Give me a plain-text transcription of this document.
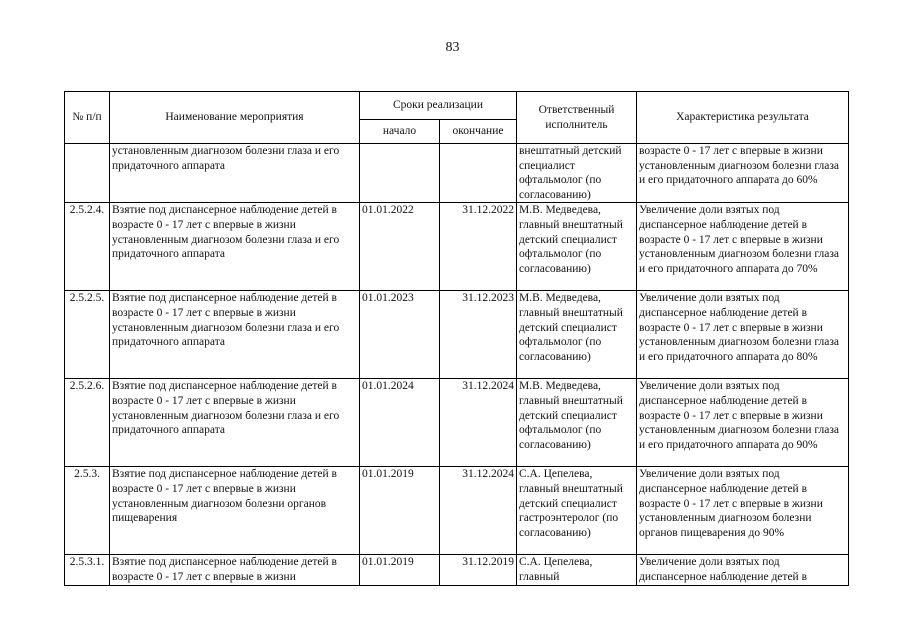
83
№ п/п	Наименование мероприятия	Сроки реализации		Ответственный исполнитель	Характеристика результата
		начало	окончание		
	установленным диагнозом болезни глаза и его придаточного аппарата			внештатный детский специалист офтальмолог (по согласованию)	возрасте 0 - 17 лет с впервые в жизни установленным диагнозом болезни глаза и его придаточного аппарата до 60%
2.5.2.4.	Взятие под диспансерное наблюдение детей в возрасте 0 - 17 лет с впервые в жизни установленным диагнозом болезни глаза и его придаточного аппарата	01.01.2022	31.12.2022	М.В. Медведева, главный внештатный детский специалист офтальмолог (по согласованию)	Увеличение доли взятых под диспансерное наблюдение детей в возрасте 0 - 17 лет с впервые в жизни установленным диагнозом болезни глаза и его придаточного аппарата до 70%
2.5.2.5.	Взятие под диспансерное наблюдение детей в возрасте 0 - 17 лет с впервые в жизни установленным диагнозом болезни глаза и его придаточного аппарата	01.01.2023	31.12.2023	М.В. Медведева, главный внештатный детский специалист офтальмолог (по согласованию)	Увеличение доли взятых под диспансерное наблюдение детей в возрасте 0 - 17 лет с впервые в жизни установленным диагнозом болезни глаза и его придаточного аппарата до 80%
2.5.2.6.	Взятие под диспансерное наблюдение детей в возрасте 0 - 17 лет с впервые в жизни установленным диагнозом болезни глаза и его придаточного аппарата	01.01.2024	31.12.2024	М.В. Медведева, главный внештатный детский специалист офтальмолог (по согласованию)	Увеличение доли взятых под диспансерное наблюдение детей в возрасте 0 - 17 лет с впервые в жизни установленным диагнозом болезни глаза и его придаточного аппарата до 90%
2.5.3.	Взятие под диспансерное наблюдение детей в возрасте 0 - 17 лет с впервые в жизни установленным диагнозом болезни органов пищеварения	01.01.2019	31.12.2024	С.А. Цепелева, главный внештатный детский специалист гастроэнтеролог (по согласованию)	Увеличение доли взятых под диспансерное наблюдение детей в возрасте 0 - 17 лет с впервые в жизни установленным диагнозом болезни органов пищеварения до 90%
2.5.3.1.	Взятие под диспансерное наблюдение детей в возрасте 0 - 17 лет с впервые в жизни	01.01.2019	31.12.2019	С.А. Цепелева, главный	Увеличение доли взятых под диспансерное наблюдение детей в
